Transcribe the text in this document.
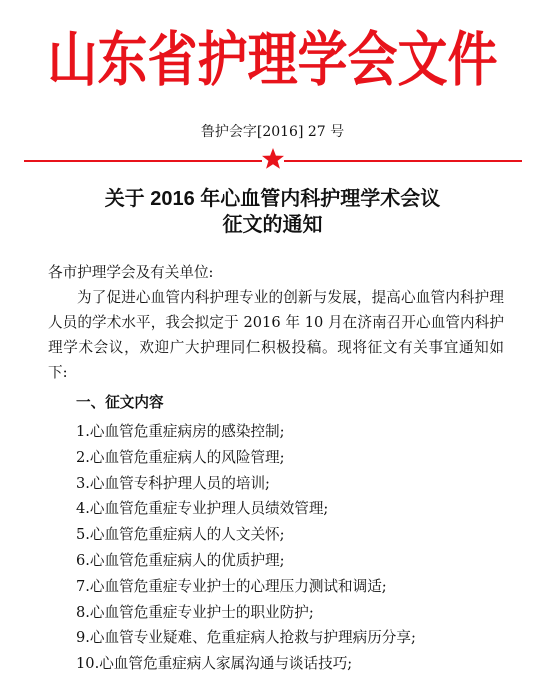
山东省护理学会文件
鲁护会字[2016] 27 号
关于 2016 年心血管内科护理学术会议
征文的通知
各市护理学会及有关单位:
为了促进心血管内科护理专业的创新与发展，提高心血管内科护理人员的学术水平，我会拟定于 2016 年 10 月在济南召开心血管内科护理学术会议，欢迎广大护理同仁积极投稿。现将征文有关事宜通知如下:
一、征文内容
1.心血管危重症病房的感染控制;
2.心血管危重症病人的风险管理;
3.心血管专科护理人员的培训;
4.心血管危重症专业护理人员绩效管理;
5.心血管危重症病人的人文关怀;
6.心血管危重症病人的优质护理;
7.心血管危重症专业护士的心理压力测试和调适;
8.心血管危重症专业护士的职业防护;
9.心血管专业疑难、危重症病人抢救与护理病历分享;
10.心血管危重症病人家属沟通与谈话技巧;
